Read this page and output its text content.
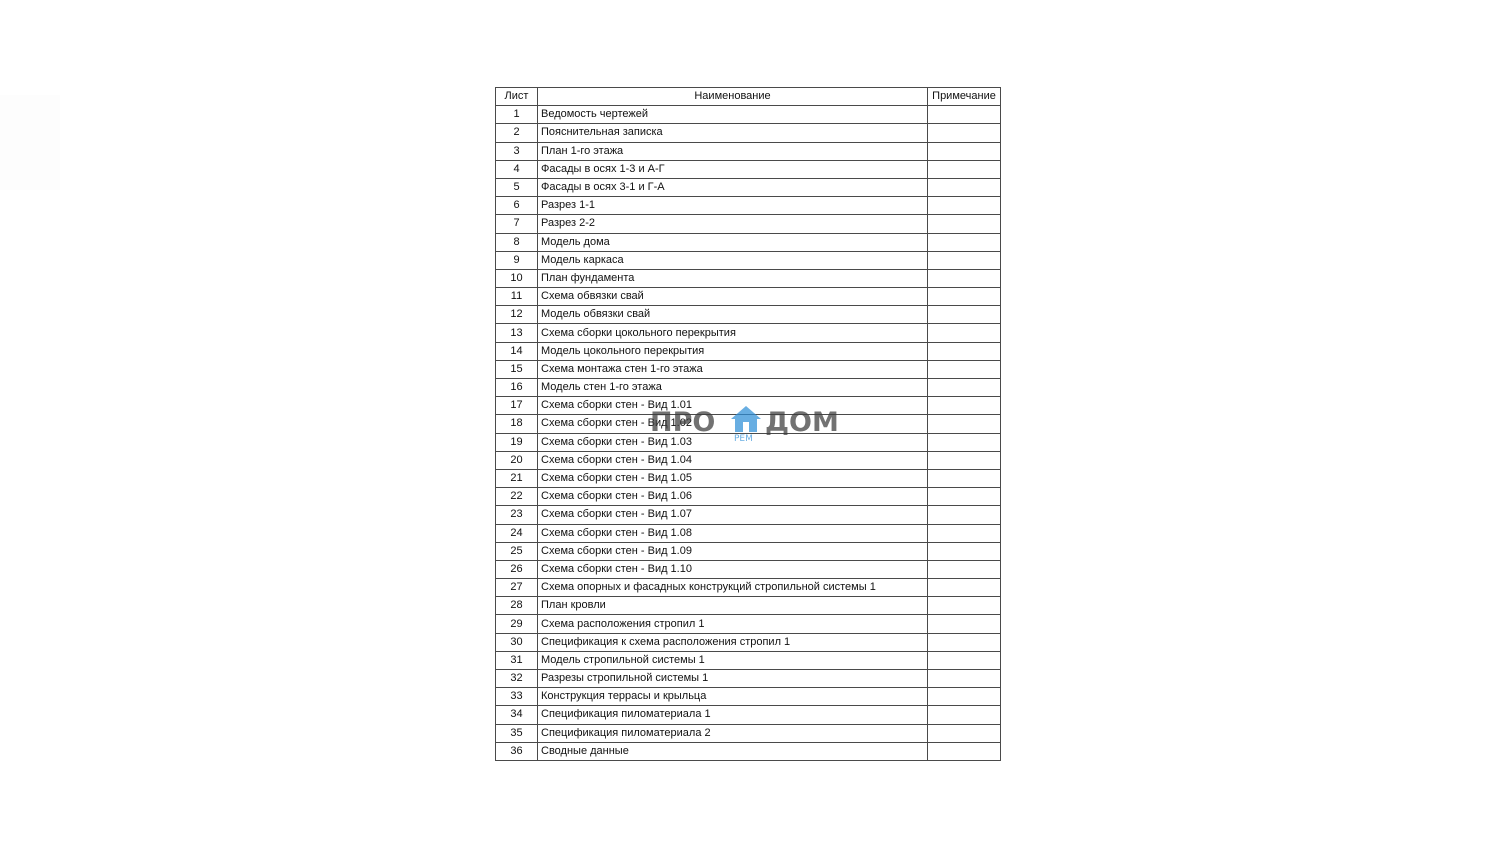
Лист	Наименование	Примечание
1	Ведомость чертежей	
2	Пояснительная записка	
3	План 1-го этажа	
4	Фасады в осях 1-3 и А-Г	
5	Фасады в осях 3-1 и Г-А	
6	Разрез 1-1	
7	Разрез 2-2	
8	Модель дома	
9	Модель каркаса	
10	План фундамента	
11	Схема обвязки свай	
12	Модель обвязки свай	
13	Схема сборки цокольного перекрытия	
14	Модель цокольного перекрытия	
15	Схема монтажа стен 1-го этажа	
16	Модель стен 1-го этажа	
17	Схема сборки стен - Вид 1.01	
18	Схема сборки стен - Вид 1.02	
19	Схема сборки стен - Вид 1.03	
20	Схема сборки стен - Вид 1.04	
21	Схема сборки стен - Вид 1.05	
22	Схема сборки стен - Вид 1.06	
23	Схема сборки стен - Вид 1.07	
24	Схема сборки стен - Вид 1.08	
25	Схема сборки стен - Вид 1.09	
26	Схема сборки стен - Вид 1.10	
27	Схема опорных и фасадных конструкций стропильной системы 1	
28	План кровли	
29	Схема расположения стропил 1	
30	Спецификация к схема расположения стропил 1	
31	Модель стропильной системы 1	
32	Разрезы стропильной системы 1	
33	Конструкция террасы и крыльца	
34	Спецификация пиломатериала 1	
35	Спецификация пиломатериала 2	
36	Сводные данные	
ПРО
РЕМ
ДОМ
